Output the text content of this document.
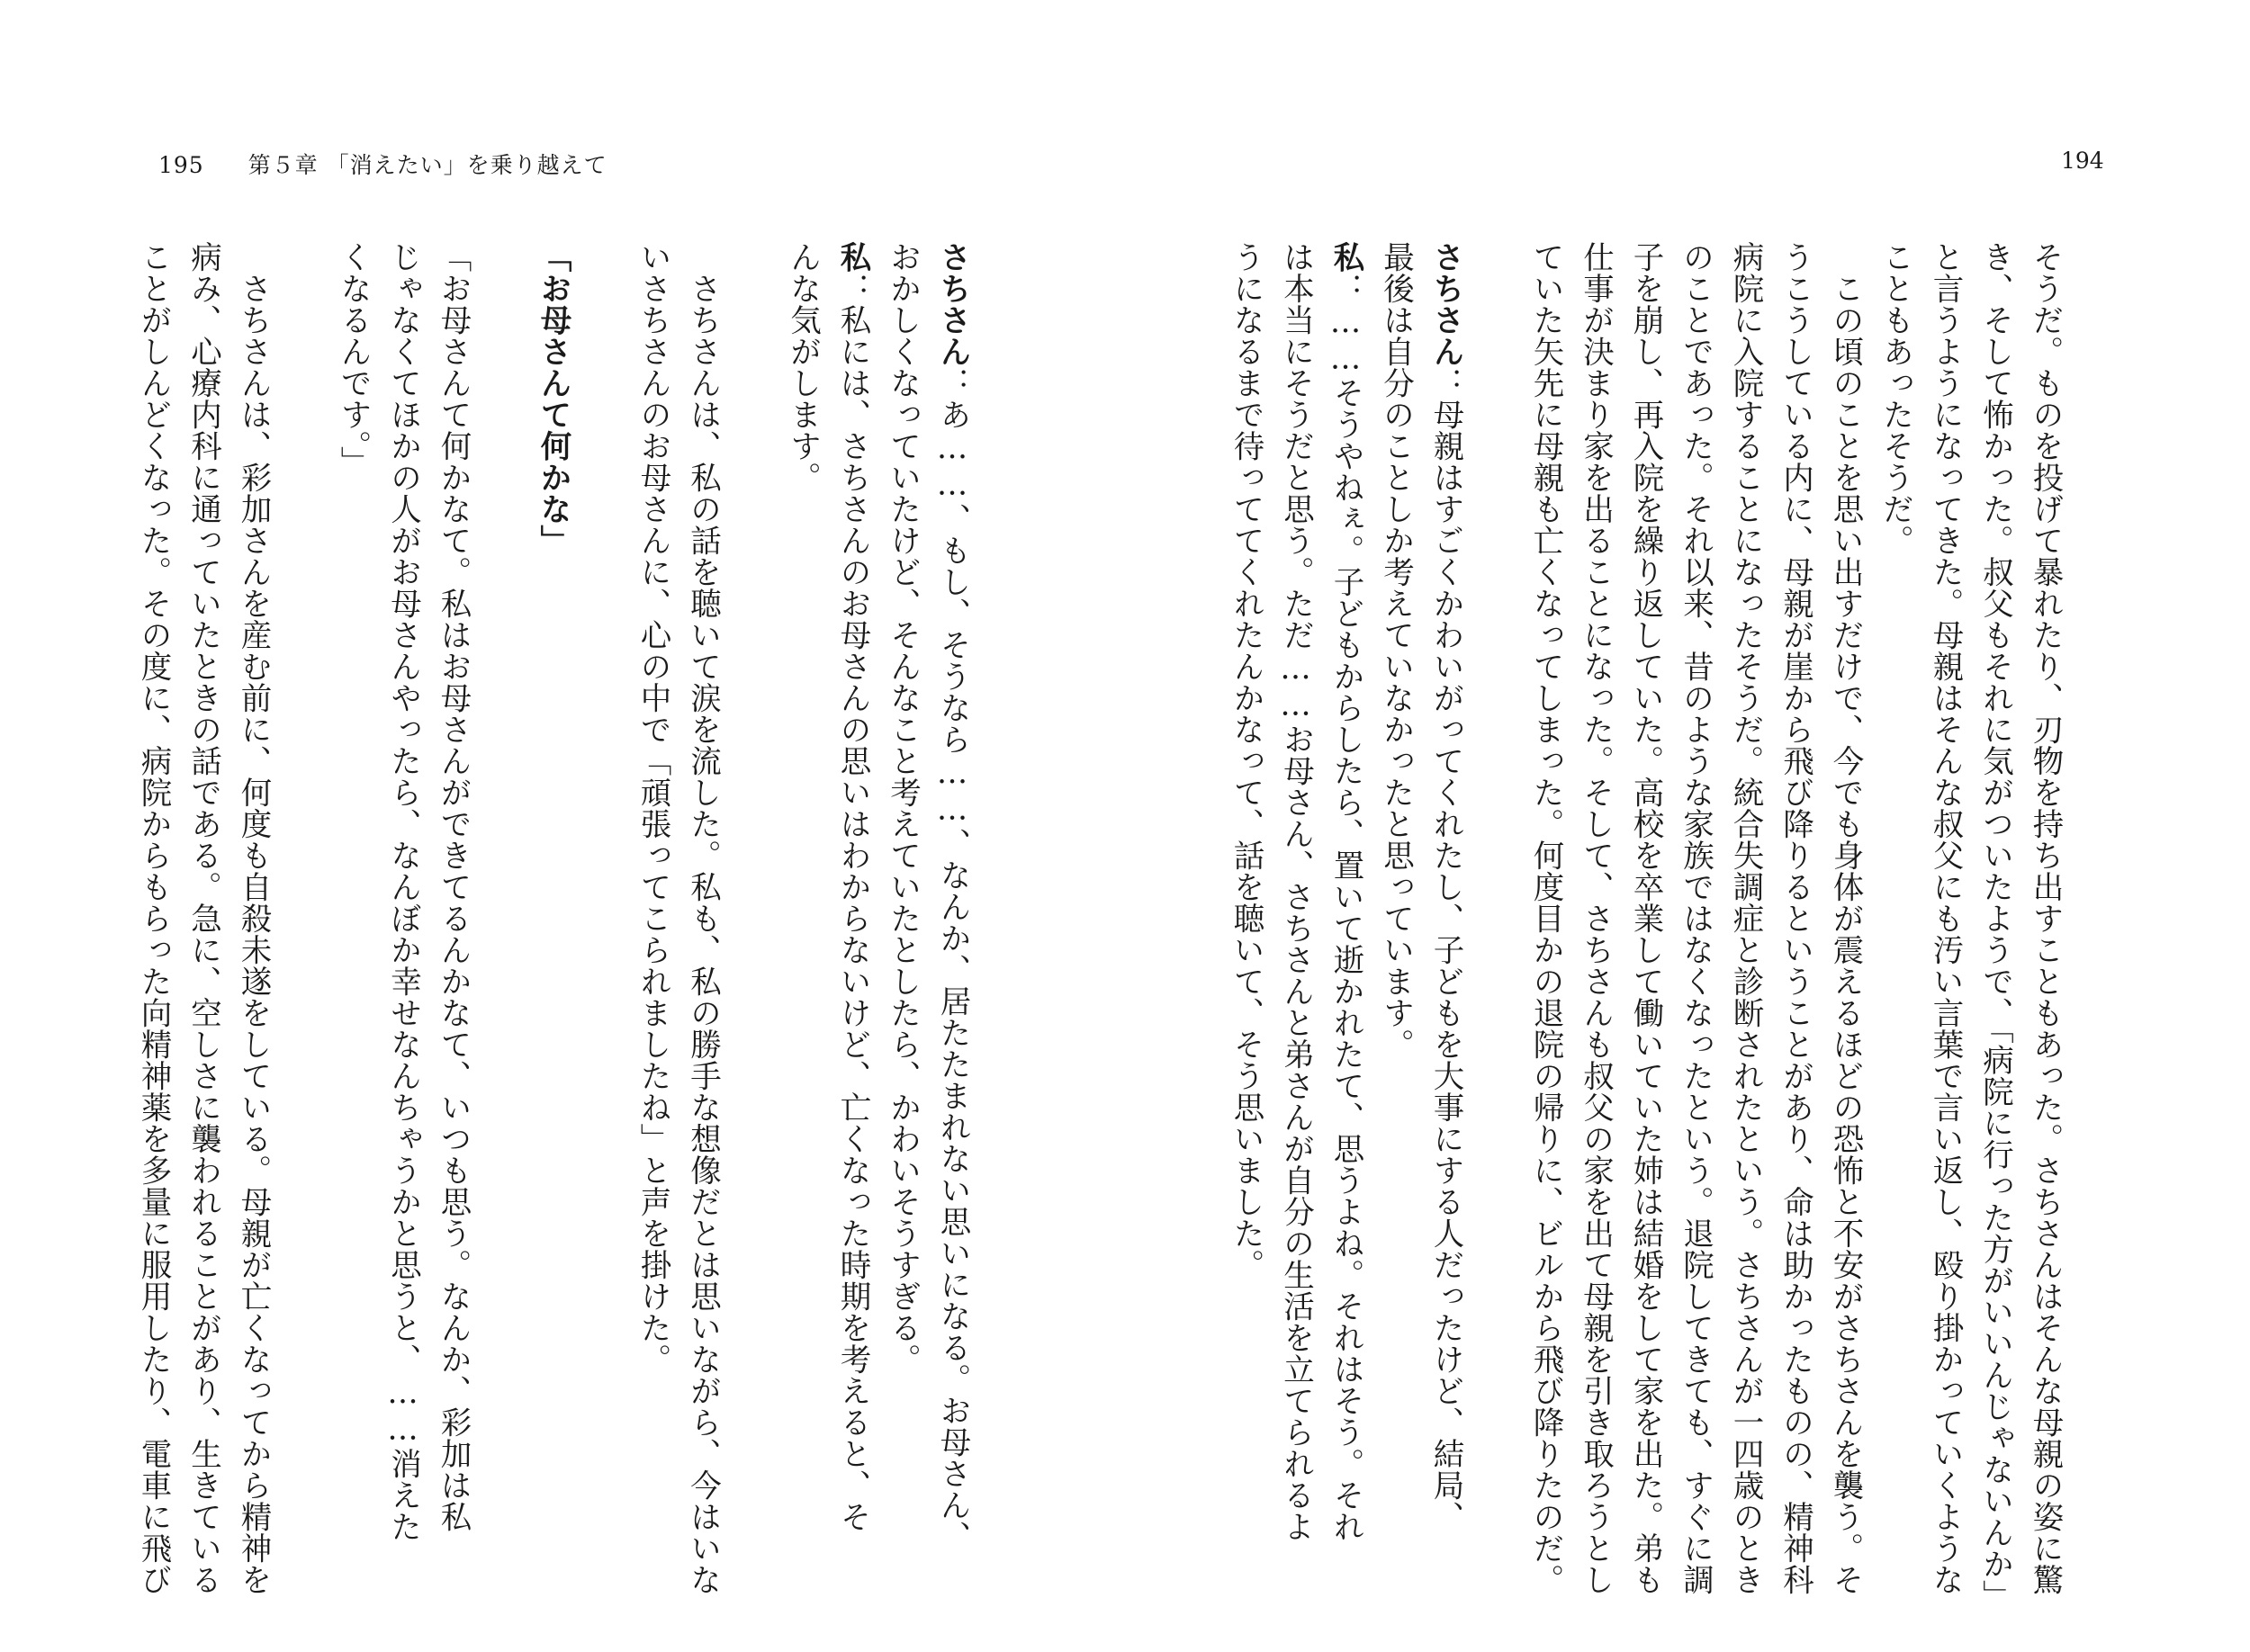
195 第５章 「消えたい」を乗り越えて	194
そうだ。ものを投げて暴れたり、刃物を持ち出すこともあった。さちさんはそんな母親の姿に驚
き、そして怖かった。叔父もそれに気がついたようで、「病院に行った方がいいんじゃないんか」
と言うようになってきた。母親はそんな叔父にも汚い言葉で言い返し、殴り掛かっていくような
こともあったそうだ。
　この頃のことを思い出すだけで、今でも身体が震えるほどの恐怖と不安がさちさんを襲う。そ
うこうしている内に、母親が崖から飛び降りるということがあり、命は助かったものの、精神科
病院に入院することになったそうだ。統合失調症と診断されたという。さちさんが一四歳のとき
のことであった。それ以来、昔のような家族ではなくなったという。退院してきても、すぐに調
子を崩し、再入院を繰り返していた。高校を卒業して働いていた姉は結婚をして家を出た。弟も
仕事が決まり家を出ることになった。そして、さちさんも叔父の家を出て母親を引き取ろうとし
ていた矢先に母親も亡くなってしまった。何度目かの退院の帰りに、ビルから飛び降りたのだ。
さちさん：母親はすごくかわいがってくれたし、子どもを大事にする人だったけど、結局、
最後は自分のことしか考えていなかったと思っています。
私：……そうやねぇ。子どもからしたら、置いて逝かれたて、思うよね。それはそう。それ
は本当にそうだと思う。ただ……お母さん、さちさんと弟さんが自分の生活を立てられるよ
うになるまで待っててくれたんかなって、話を聴いて、そう思いました。
さちさん：あ……、もし、そうなら……、なんか、居たたまれない思いになる。お母さん、
おかしくなっていたけど、そんなこと考えていたとしたら、かわいそうすぎる。
私：私には、さちさんのお母さんの思いはわからないけど、亡くなった時期を考えると、そ
んな気がします。
　さちさんは、私の話を聴いて涙を流した。私も、私の勝手な想像だとは思いながら、今はいな
いさちさんのお母さんに、心の中で「頑張ってこられましたね」と声を掛けた。
「お母さんて何かな」
「お母さんて何かなて。私はお母さんができてるんかなて、いつも思う。なんか、彩加は私
じゃなくてほかの人がお母さんやったら、なんぼか幸せなんちゃうかと思うと、……消えた
くなるんです。」
　さちさんは、彩加さんを産む前に、何度も自殺未遂をしている。母親が亡くなってから精神を
病み、心療内科に通っていたときの話である。急に、空しさに襲われることがあり、生きている
ことがしんどくなった。その度に、病院からもらった向精神薬を多量に服用したり、電車に飛び
